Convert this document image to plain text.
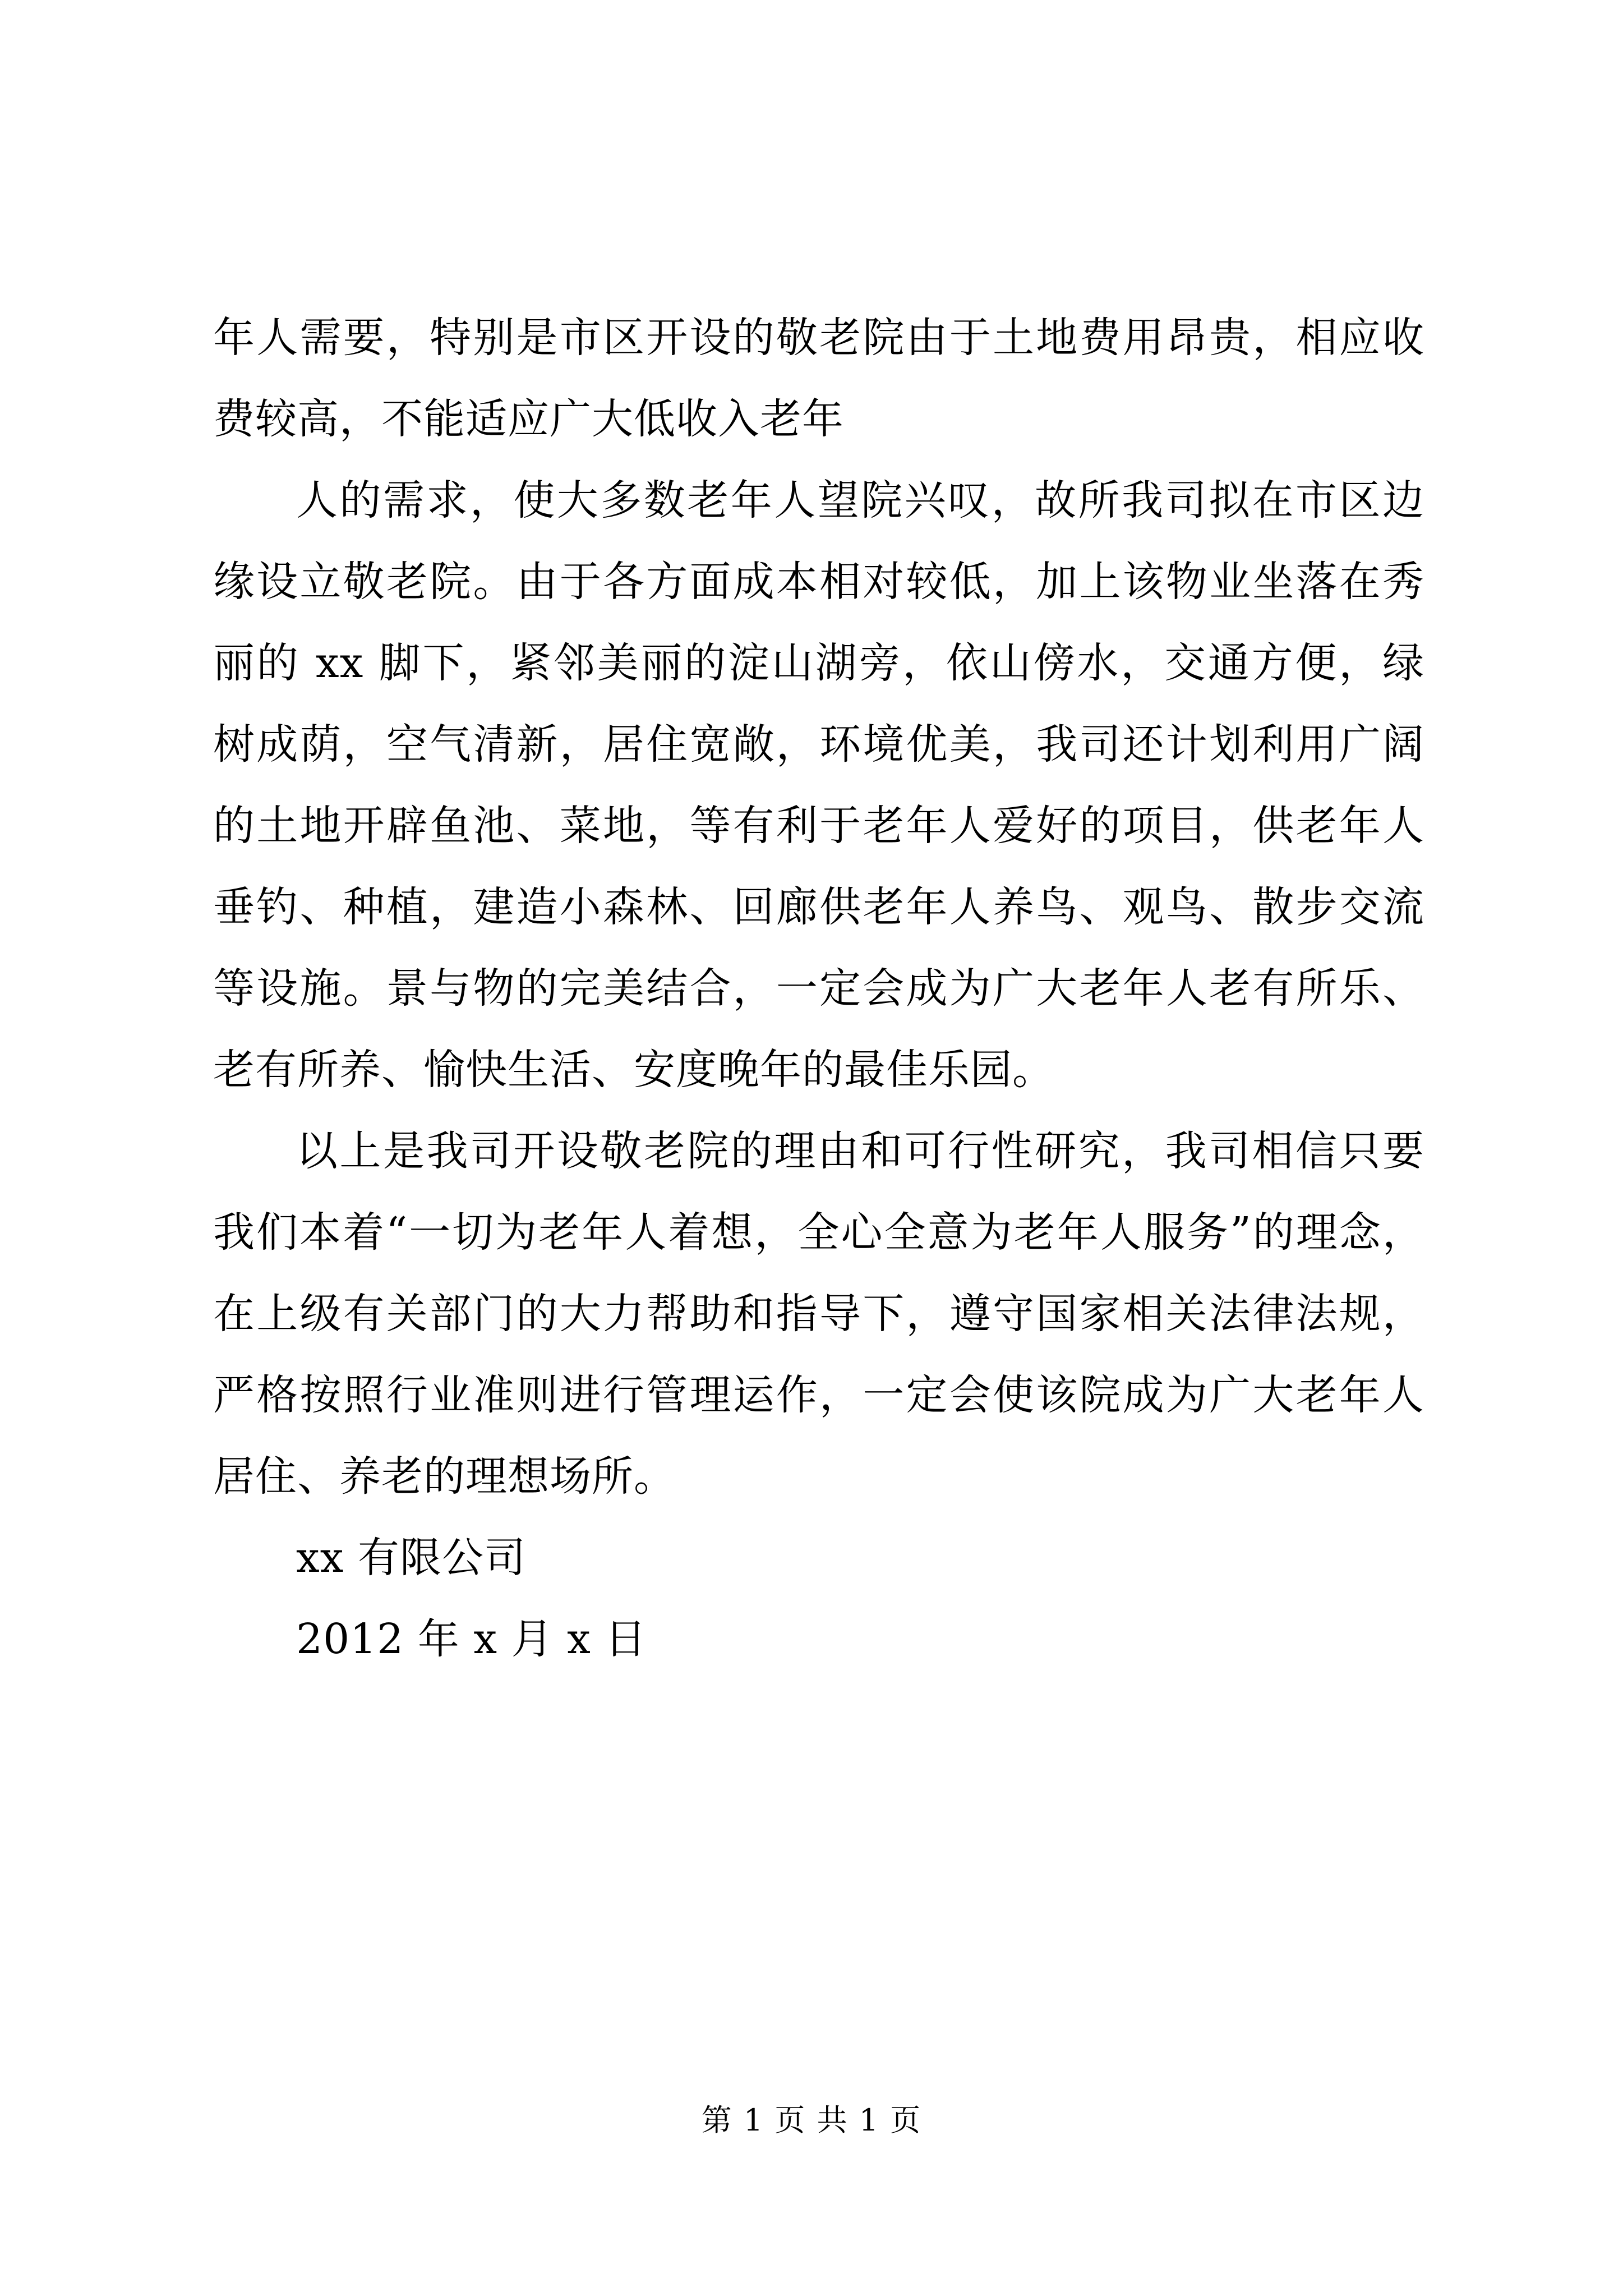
年人需要，特别是市区开设的敬老院由于土地费用昂贵，相应收
费较高，不能适应广大低收入老年
人的需求，使大多数老年人望院兴叹，故所我司拟在市区边
缘设立敬老院。由于各方面成本相对较低，加上该物业坐落在秀
丽的 xx 脚下，紧邻美丽的淀山湖旁，依山傍水，交通方便，绿
树成荫，空气清新，居住宽敞，环境优美，我司还计划利用广阔
的土地开辟鱼池、菜地，等有利于老年人爱好的项目，供老年人
垂钓、种植，建造小森林、回廊供老年人养鸟、观鸟、散步交流
等设施。景与物的完美结合，一定会成为广大老年人老有所乐、
老有所养、愉快生活、安度晚年的最佳乐园。
以上是我司开设敬老院的理由和可行性研究，我司相信只要
我们本着“一切为老年人着想，全心全意为老年人服务”的理念，
在上级有关部门的大力帮助和指导下，遵守国家相关法律法规，
严格按照行业准则进行管理运作，一定会使该院成为广大老年人
居住、养老的理想场所。
xx 有限公司
2012 年 x 月 x 日
第 1 页 共 1 页
